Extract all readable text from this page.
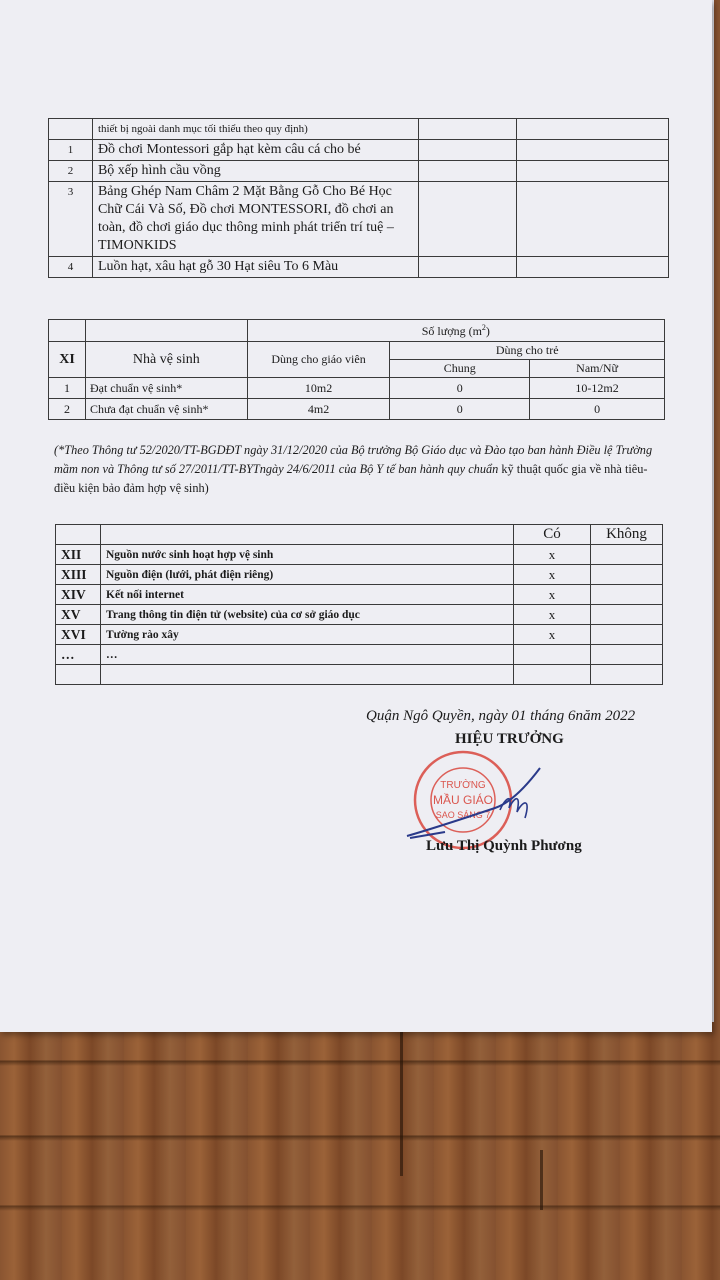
	thiết bị ngoài danh mục tối thiểu theo quy định)		
1	Đồ chơi Montessori gắp hạt kèm câu cá cho bé		
2	Bộ xếp hình cầu vồng		
3	Bảng Ghép Nam Châm 2 Mặt Bằng Gỗ Cho Bé Học Chữ Cái Và Số, Đồ chơi MONTESSORI, đồ chơi an toàn, đồ chơi giáo dục thông minh phát triển trí tuệ – TIMONKIDS		
4	Luồn hạt, xâu hạt gỗ 30 Hạt siêu To 6 Màu		
		Số lượng $(m^2)$		
XI	Nhà vệ sinh	Dùng cho giáo viên	Dùng cho trẻ	
			Chung	Nam/Nữ
1	Đạt chuẩn vệ sinh*	10m2	0	10-12m2
2	Chưa đạt chuẩn vệ sinh*	4m2	0	0
(*Theo Thông tư 52/2020/TT-BGDĐT ngày 31/12/2020 của Bộ trưởng Bộ Giáo dục và Đào tạo ban hành Điều lệ Trường mầm non và Thông tư số 27/2011/TT-BYTngày 24/6/2011 của Bộ Y tế ban hành quy chuẩn kỹ thuật quốc gia về nhà tiêu- điều kiện bảo đảm hợp vệ sinh)
		Có	Không
XII	Nguồn nước sinh hoạt hợp vệ sinh	x	
XIII	Nguồn điện (lưới, phát điện riêng)	x	
XIV	Kết nối internet	x	
XV	Trang thông tin điện tử (website) của cơ sở giáo dục	x	
XVI	Tường rào xây	x	
…	…		

Quận Ngô Quyền, ngày 01 tháng 6năm 2022
HIỆU TRƯỞNG
TRƯỜNG
MẦU GIÁO
SAO SÁNG 7
Lưu Thị Quỳnh Phương
